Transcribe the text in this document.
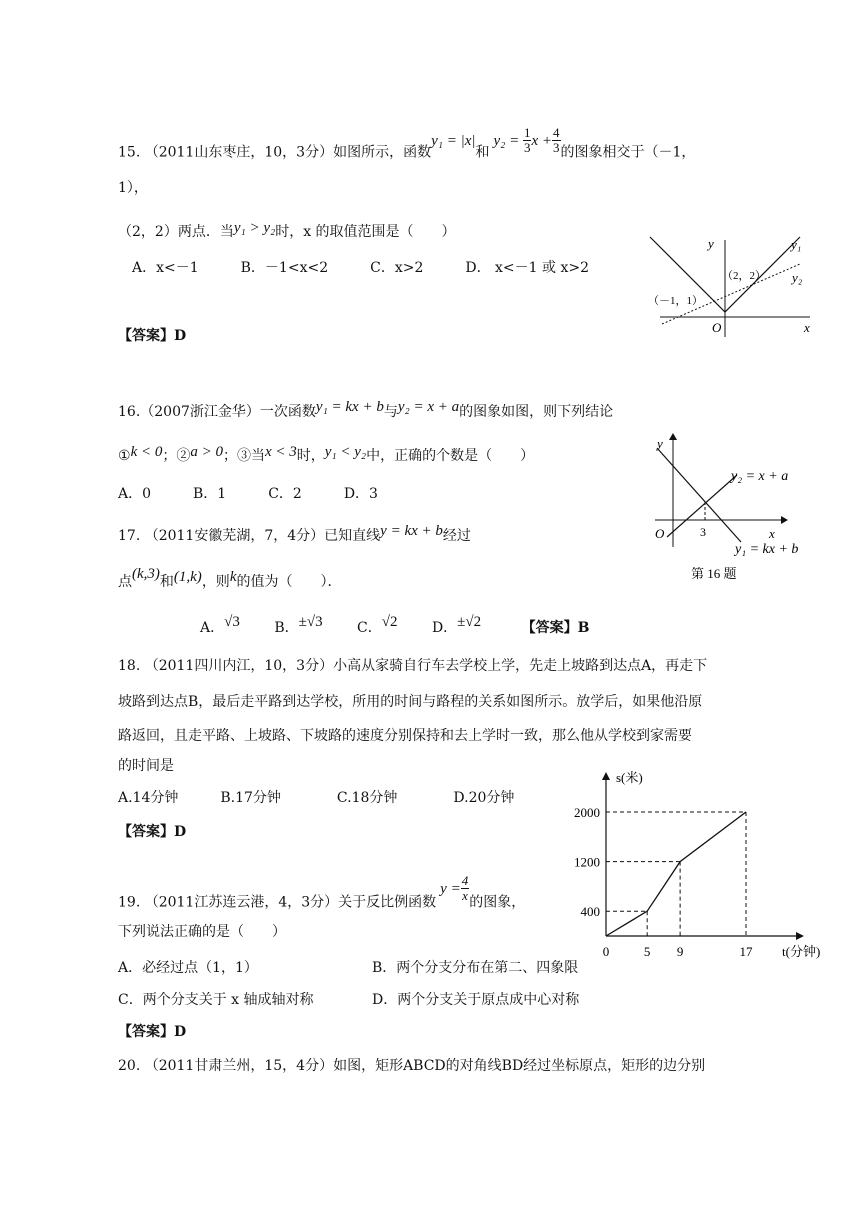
15. （2011山东枣庄，10，3分）如图所示，函数y₁ = |x|和$y_2 = \frac{1}{3}$ $x + \frac{4}{3}$ 的图象相交于（－1，
1），
（2，2）两点．当y₁ > y₂时，x 的取值范围是（　　）
A．x<－1　　　B．－1<x<2　　　C．x>2　　　D． x<－1 或 x>2
【答案】D
y	y₁
y₂
（2，2）
（－1，1）
O	x
16.（2007浙江金华）一次函数y₁ = kx + b与y₂ = x + a的图象如图，则下列结论
①k < 0；②a > 0；③当x < 3时，y₁ < y₂中，正确的个数是（　　）
A．0　　　B．1　　　C．2　　　D．3
y
y₂ = x + a
O	3	x
y₁ = kx + b
第 16 题
17. （2011安徽芜湖，7，4分）已知直线y = kx + b经过
点(k,3)和(1,k)，则k的值为（　　）．
A．√3 B．±√3 C．√2 D．±√2	【答案】B
18. （2011四川内江，10，3分）小高从家骑自行车去学校上学，先走上坡路到达点A，再走下
坡路到达点B，最后走平路到达学校，所用的时间与路程的关系如图所示。放学后，如果他沿原
路返回，且走平路、上坡路、下坡路的速度分别保持和去上学时一致，那么他从学校到家需要
的时间是
A.14分钟　　　B.17分钟　　　　C.18分钟　　　　D.20分钟
【答案】D
s(米)
t(分钟)
0	5 9	17
400
1200
2000
19. （2011江苏连云港，4，3分）关于反比例函数$y = \frac{4}{x}$ 的图象，
下列说法正确的是（　　）
A．必经过点（1，1）	B．两个分支分布在第二、四象限
C．两个分支关于 x 轴成轴对称	D．两个分支关于原点成中心对称
【答案】D
20. （2011甘肃兰州，15，4分）如图，矩形ABCD的对角线BD经过坐标原点，矩形的边分别
